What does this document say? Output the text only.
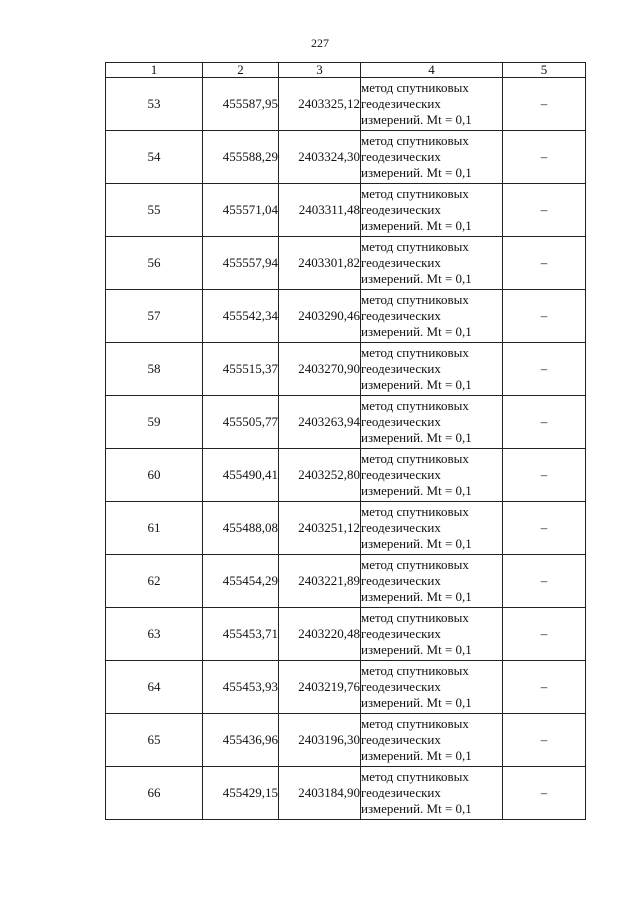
227
1	2	3	4	5
53	455587,95	2403325,12	метод спутниковых
геодезических
измерений. Mt = 0,1	–
54	455588,29	2403324,30	метод спутниковых
геодезических
измерений. Mt = 0,1	–
55	455571,04	2403311,48	метод спутниковых
геодезических
измерений. Mt = 0,1	–
56	455557,94	2403301,82	метод спутниковых
геодезических
измерений. Mt = 0,1	–
57	455542,34	2403290,46	метод спутниковых
геодезических
измерений. Mt = 0,1	–
58	455515,37	2403270,90	метод спутниковых
геодезических
измерений. Mt = 0,1	–
59	455505,77	2403263,94	метод спутниковых
геодезических
измерений. Mt = 0,1	–
60	455490,41	2403252,80	метод спутниковых
геодезических
измерений. Mt = 0,1	–
61	455488,08	2403251,12	метод спутниковых
геодезических
измерений. Mt = 0,1	–
62	455454,29	2403221,89	метод спутниковых
геодезических
измерений. Mt = 0,1	–
63	455453,71	2403220,48	метод спутниковых
геодезических
измерений. Mt = 0,1	–
64	455453,93	2403219,76	метод спутниковых
геодезических
измерений. Mt = 0,1	–
65	455436,96	2403196,30	метод спутниковых
геодезических
измерений. Mt = 0,1	–
66	455429,15	2403184,90	метод спутниковых
геодезических
измерений. Mt = 0,1	–
